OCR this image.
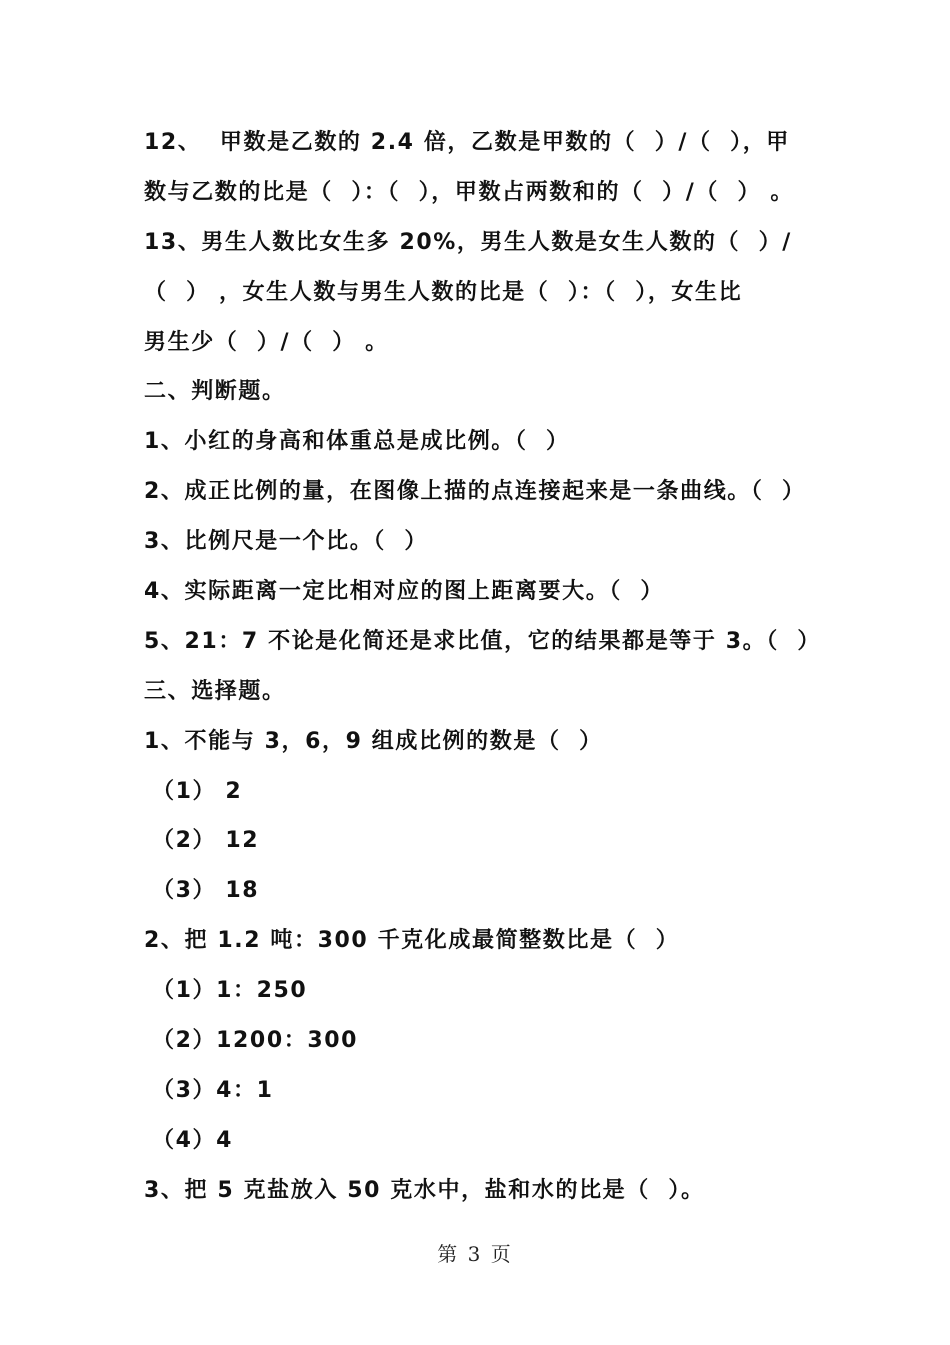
12、  甲数是乙数的 2.4 倍，乙数是甲数的（  ）/（  ），甲
数与乙数的比是（  ）：（  ），甲数占两数和的（  ）/（  ） 。
13、男生人数比女生多 20%，男生人数是女生人数的（  ）/
（  ） ，女生人数与男生人数的比是（  ）：（  ），女生比
男生少（  ）/（  ） 。
二、判断题。
1、小红的身高和体重总是成比例。（  ）
2、成正比例的量，在图像上描的点连接起来是一条曲线。（  ）
3、比例尺是一个比。（  ）
4、实际距离一定比相对应的图上距离要大。（  ）
5、21：7 不论是化简还是求比值，它的结果都是等于 3。（  ）
三、选择题。
1、不能与 3，6，9 组成比例的数是（  ）
（1） 2
（2） 12
（3） 18
2、把 1.2 吨：300 千克化成最简整数比是（  ）
（1）1：250
（2）1200：300
（3）4：1
（4）4
3、把 5 克盐放入 50 克水中，盐和水的比是（  ）。
第 3 页
